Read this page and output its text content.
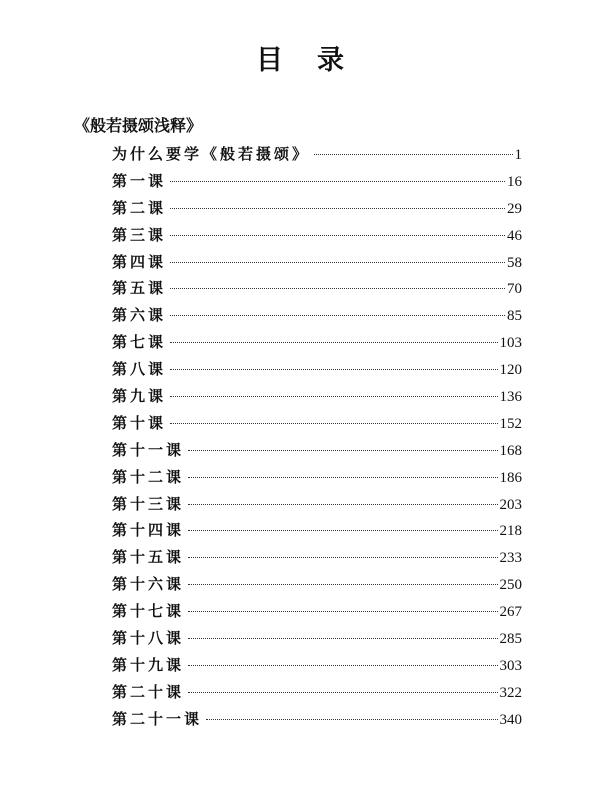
目 录
《般若摄颂浅释》
为什么要学《般若摄颂》	1
第一课	16
第二课	29
第三课	46
第四课	58
第五课	70
第六课	85
第七课	103
第八课	120
第九课	136
第十课	152
第十一课	168
第十二课	186
第十三课	203
第十四课	218
第十五课	233
第十六课	250
第十七课	267
第十八课	285
第十九课	303
第二十课	322
第二十一课	340
